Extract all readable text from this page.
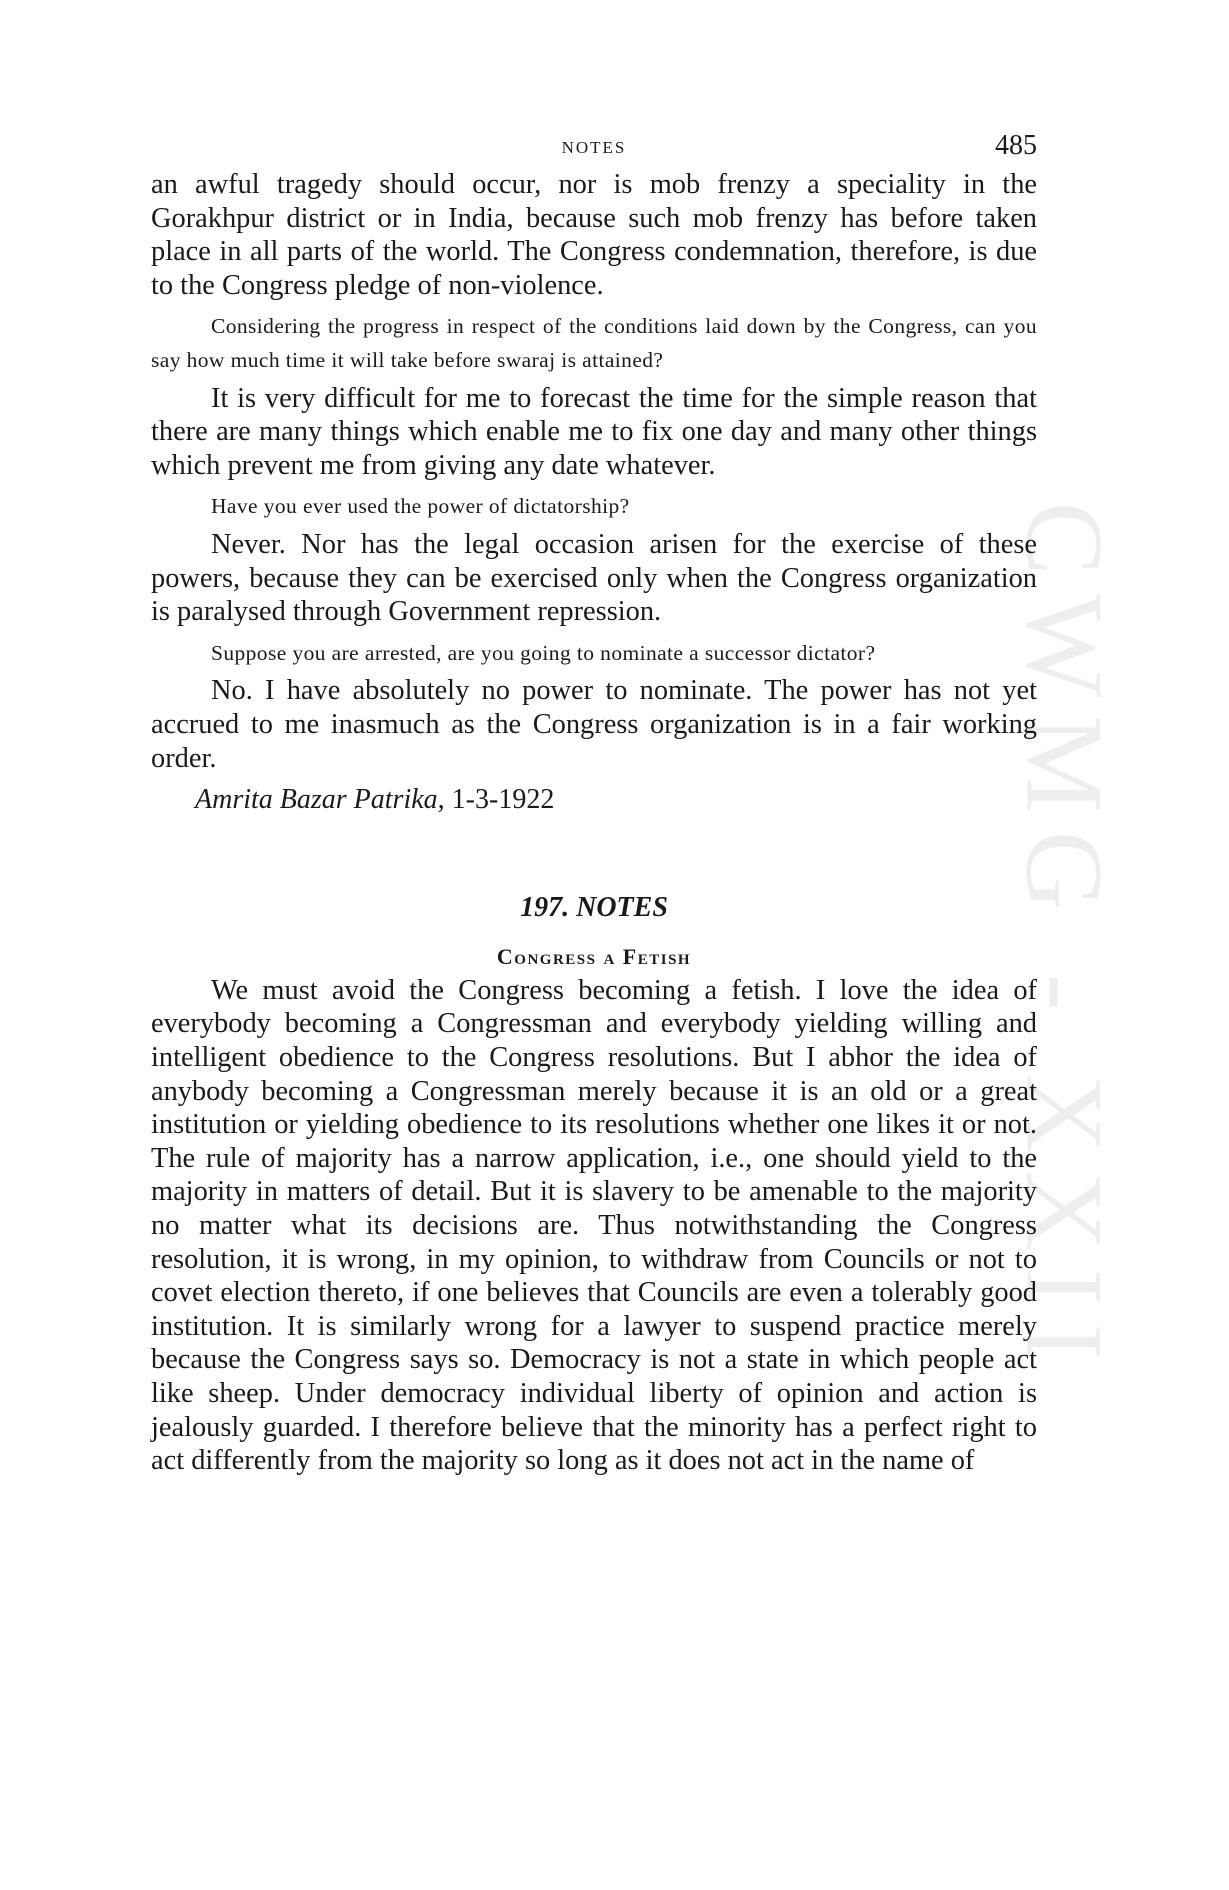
CWMG - XXII
NOTES	485

an awful tragedy should occur, nor is mob frenzy a speciality in the Gorakhpur district or in India, because such mob frenzy has before taken place in all parts of the world. The Congress condemnation, therefore, is due to the Congress pledge of non-violence.

Considering the progress in respect of the conditions laid down by the Congress, can you say how much time it will take before swaraj is attained?

It is very difficult for me to forecast the time for the simple reason that there are many things which enable me to fix one day and many other things which prevent me from giving any date whatever.

Have you ever used the power of dictatorship?

Never. Nor has the legal occasion arisen for the exercise of these powers, because they can be exercised only when the Congress organization is paralysed through Government repression.

Suppose you are arrested, are you going to nominate a successor dictator?

No. I have absolutely no power to nominate. The power has not yet accrued to me inasmuch as the Congress organization is in a fair working order.

Amrita Bazar Patrika, 1-3-1922

197. NOTES
Congress a Fetish

We must avoid the Congress becoming a fetish. I love the idea of everybody becoming a Congressman and everybody yielding willing and intelligent obedience to the Congress resolutions. But I abhor the idea of anybody becoming a Congressman merely because it is an old or a great institution or yielding obedience to its resolutions whether one likes it or not. The rule of majority has a narrow application, i.e., one should yield to the majority in matters of detail. But it is slavery to be amenable to the majority no matter what its decisions are. Thus notwithstanding the Congress resolution, it is wrong, in my opinion, to withdraw from Councils or not to covet election thereto, if one believes that Councils are even a tolerably good institution. It is similarly wrong for a lawyer to suspend practice merely because the Congress says so. Democracy is not a state in which people act like sheep. Under democracy individual liberty of opinion and action is jealously guarded. I therefore believe that the minority has a perfect right to act differently from the majority so long as it does not act in the name of
